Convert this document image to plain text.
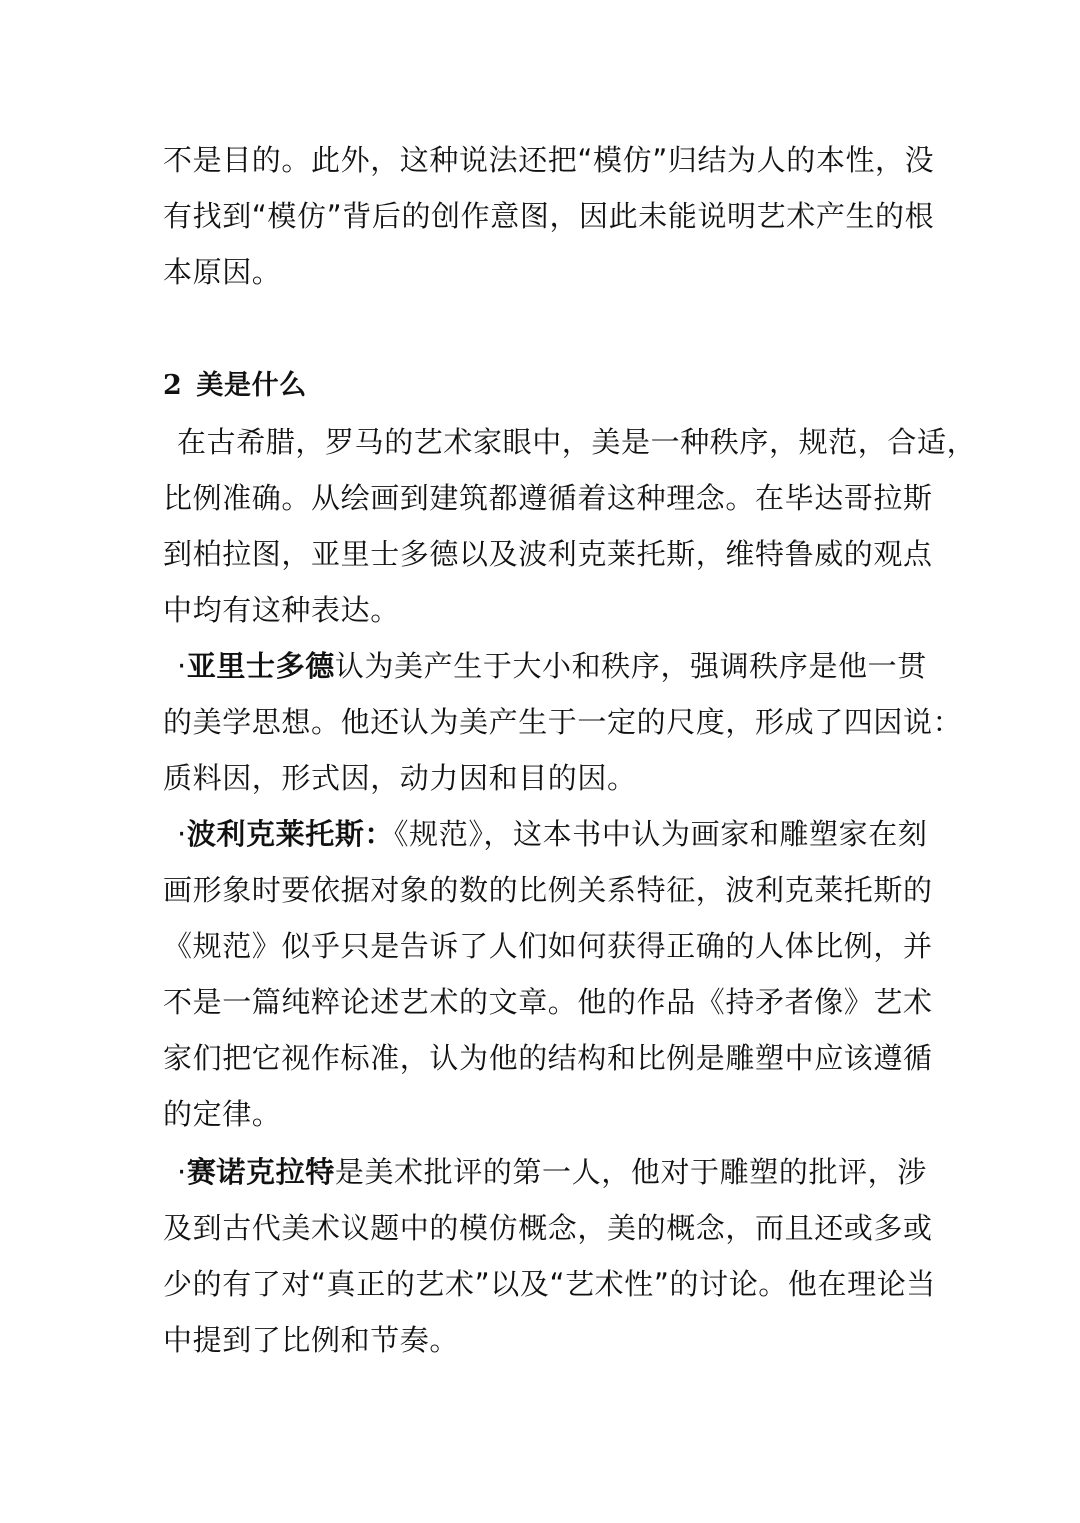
不是目的。此外，这种说法还把“模仿”归结为人的本性，没
有找到“模仿”背后的创作意图，因此未能说明艺术产生的根
本原因。
2 美是什么
在古希腊，罗马的艺术家眼中，美是一种秩序，规范，合适，
比例准确。从绘画到建筑都遵循着这种理念。在毕达哥拉斯
到柏拉图，亚里士多德以及波利克莱托斯，维特鲁威的观点
中均有这种表达。
·亚里士多德认为美产生于大小和秩序，强调秩序是他一贯
的美学思想。他还认为美产生于一定的尺度，形成了四因说：
质料因，形式因，动力因和目的因。
·波利克莱托斯：《规范》，这本书中认为画家和雕塑家在刻
画形象时要依据对象的数的比例关系特征，波利克莱托斯的
《规范》似乎只是告诉了人们如何获得正确的人体比例，并
不是一篇纯粹论述艺术的文章。他的作品《持矛者像》艺术
家们把它视作标准，认为他的结构和比例是雕塑中应该遵循
的定律。
·赛诺克拉特是美术批评的第一人，他对于雕塑的批评，涉
及到古代美术议题中的模仿概念，美的概念，而且还或多或
少的有了对“真正的艺术”以及“艺术性”的讨论。他在理论当
中提到了比例和节奏。
